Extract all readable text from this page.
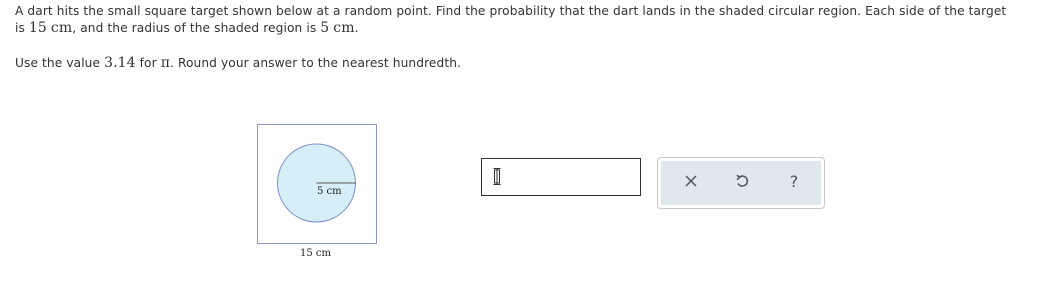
A dart hits the small square target shown below at a random point. Find the probability that the dart lands in the shaded circular region. Each side of the target

is 15 cm, and the radius of the shaded region is 5 cm.

Use the value 3.14 for π. Round your answer to the nearest hundredth.
5 cm
15 cm
?
